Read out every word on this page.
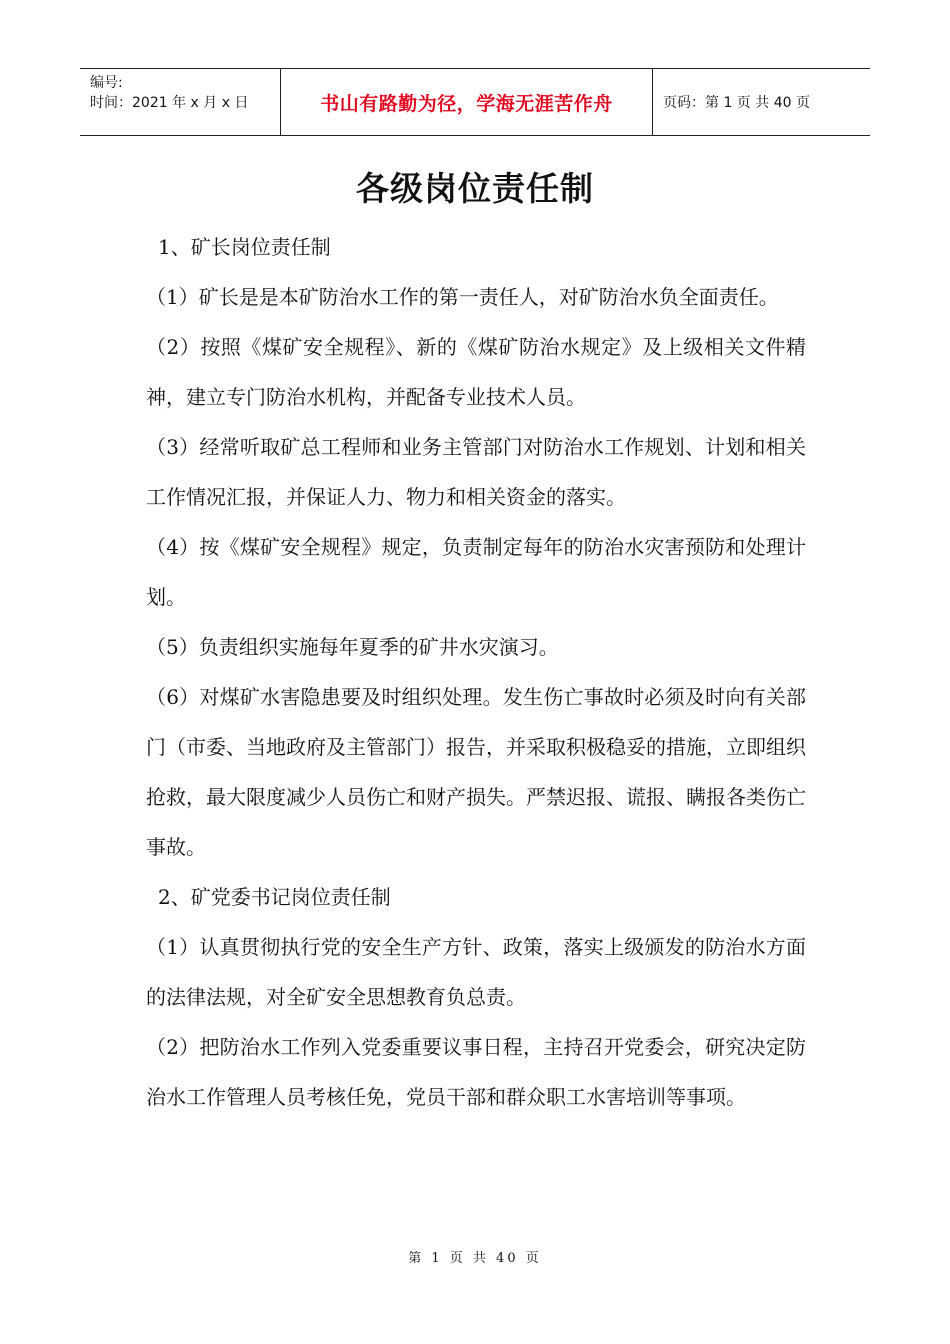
编号:
时间：2021 年 x 月 x 日	书山有路勤为径，学海无涯苦作舟	页码：第 1 页 共 40 页
各级岗位责任制

1、矿长岗位责任制

（1）矿长是是本矿防治水工作的第一责任人，对矿防治水负全面责任。

（2）按照《煤矿安全规程》、新的《煤矿防治水规定》及上级相关文件精神，建立专门防治水机构，并配备专业技术人员。

（3）经常听取矿总工程师和业务主管部门对防治水工作规划、计划和相关工作情况汇报，并保证人力、物力和相关资金的落实。

（4）按《煤矿安全规程》规定，负责制定每年的防治水灾害预防和处理计划。

（5）负责组织实施每年夏季的矿井水灾演习。

（6）对煤矿水害隐患要及时组织处理。发生伤亡事故时必须及时向有关部门（市委、当地政府及主管部门）报告，并采取积极稳妥的措施，立即组织抢救，最大限度减少人员伤亡和财产损失。严禁迟报、谎报、瞒报各类伤亡事故。

2、矿党委书记岗位责任制

（1）认真贯彻执行党的安全生产方针、政策，落实上级颁发的防治水方面的法律法规，对全矿安全思想教育负总责。

（2）把防治水工作列入党委重要议事日程，主持召开党委会，研究决定防治水工作管理人员考核任免，党员干部和群众职工水害培训等事项。

第 1 页 共 40 页
